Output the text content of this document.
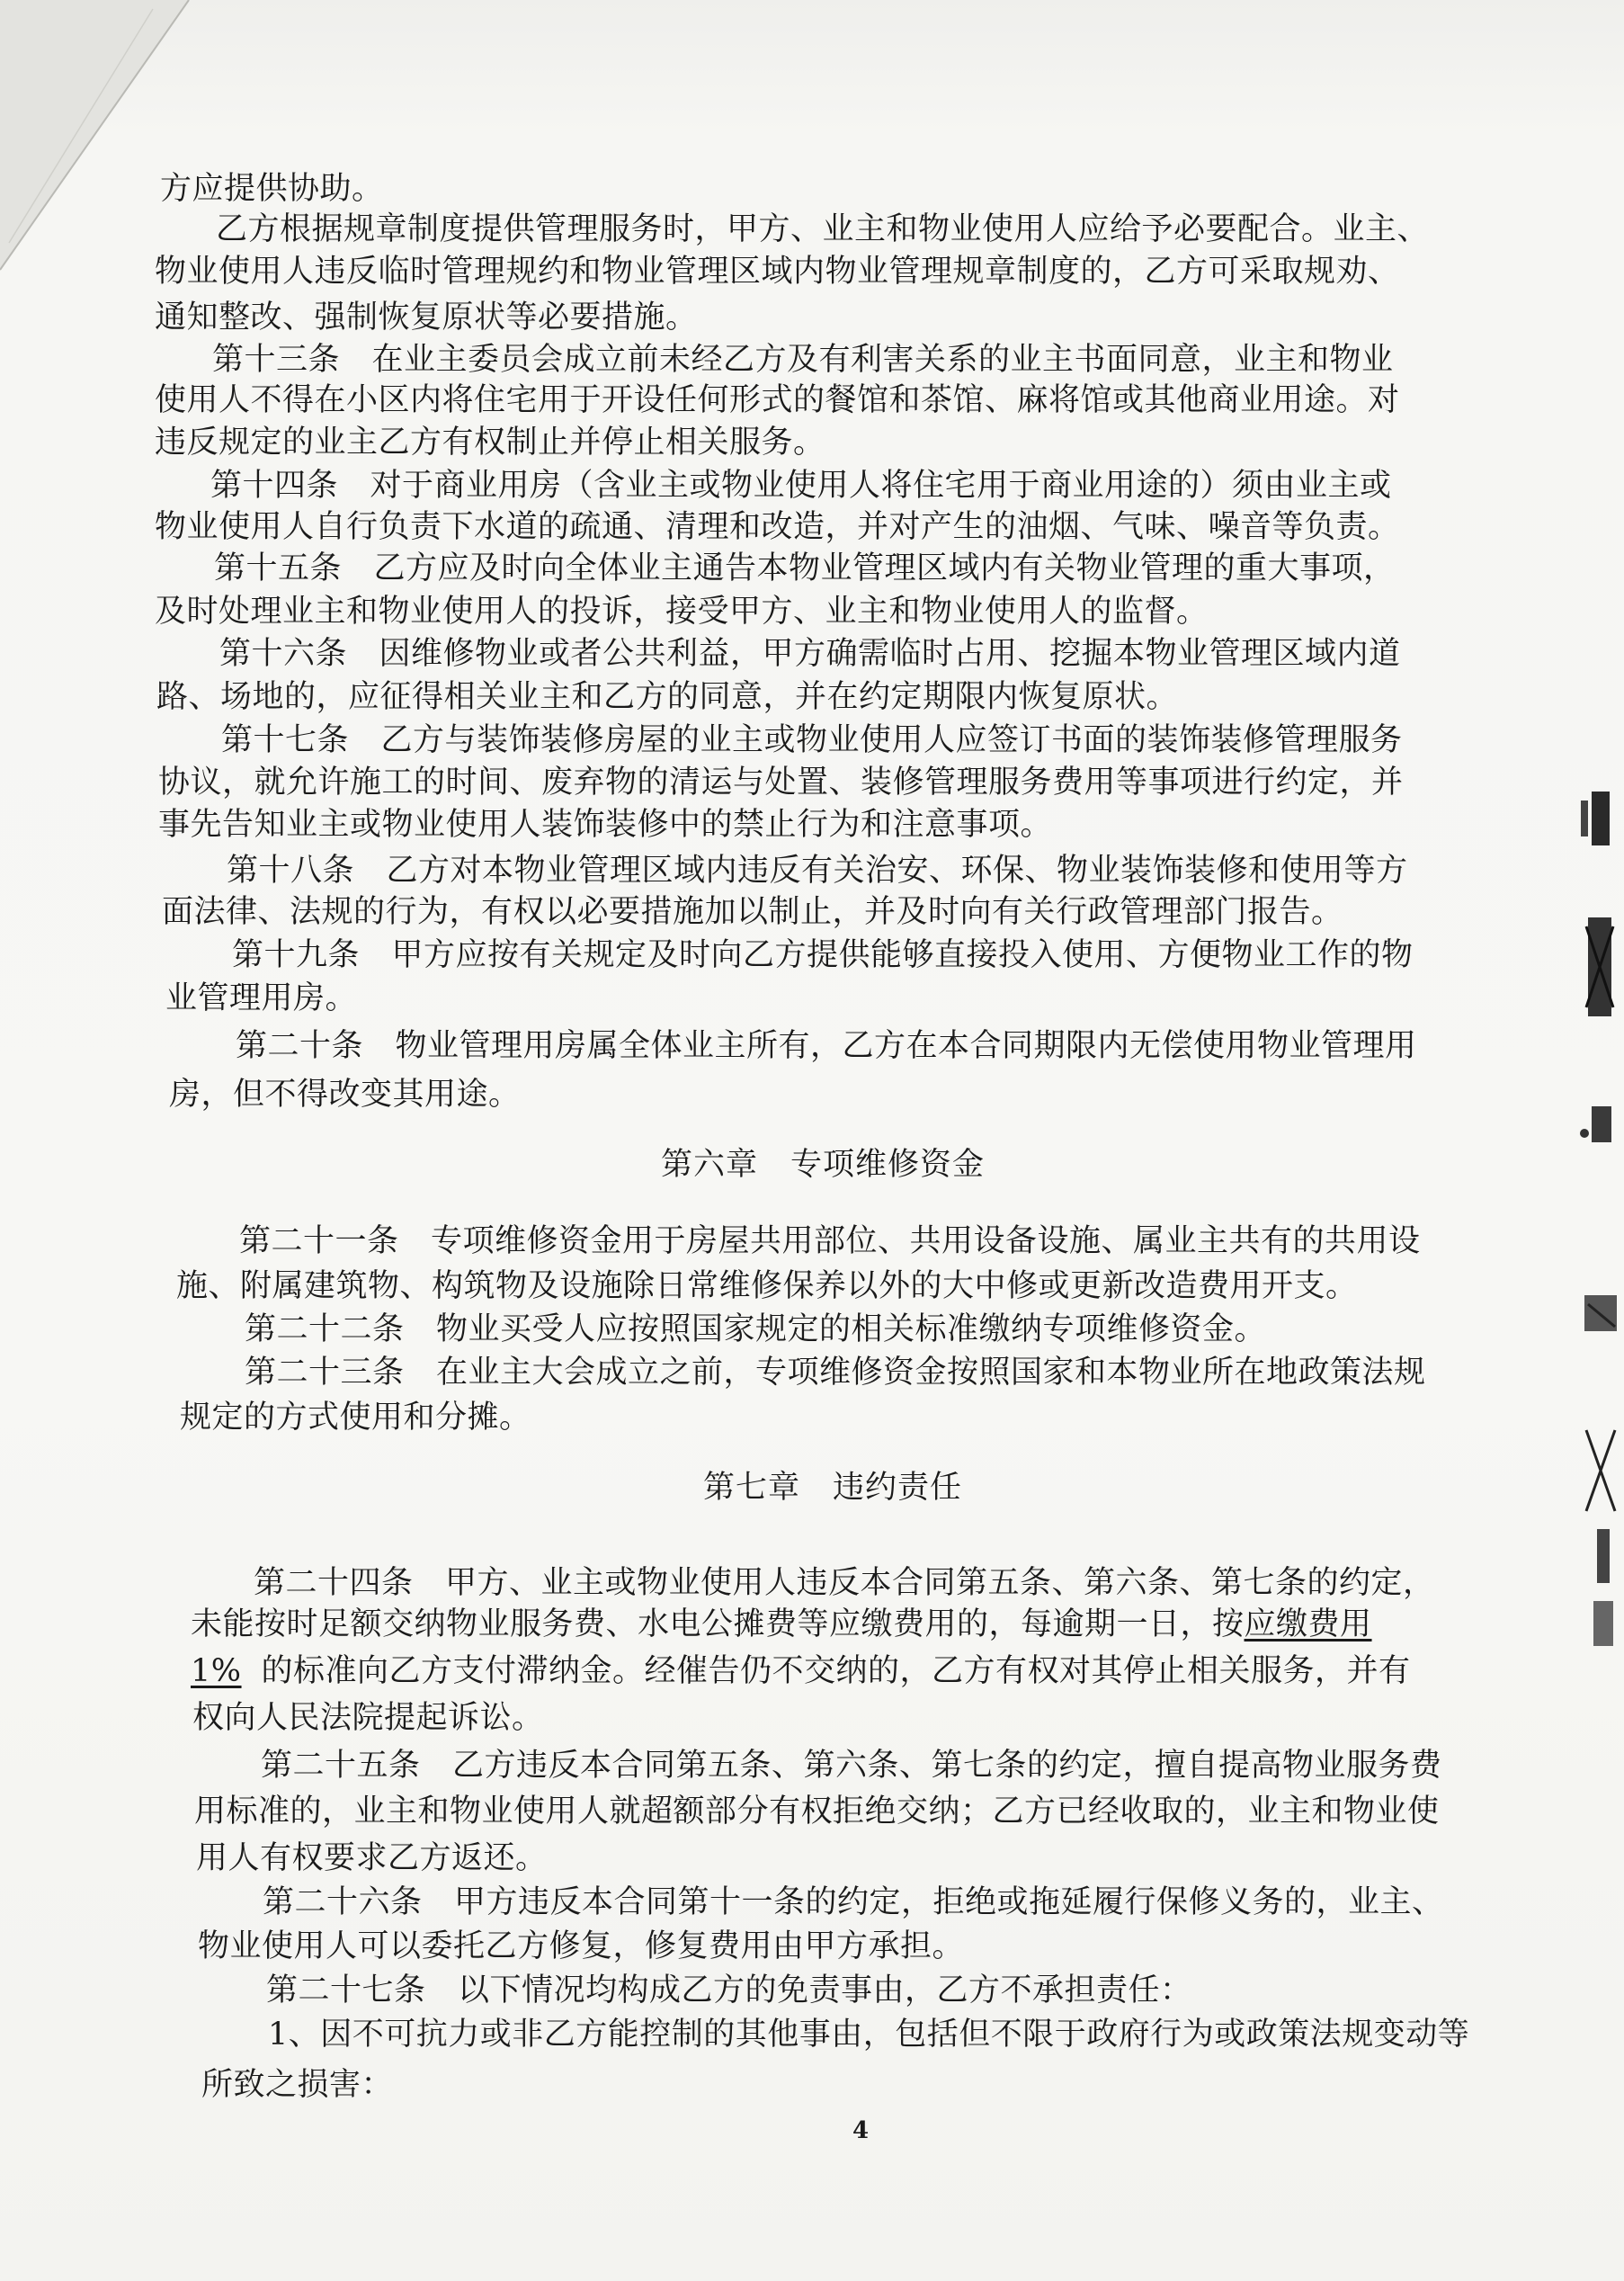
方应提供协助。
乙方根据规章制度提供管理服务时，甲方、业主和物业使用人应给予必要配合。业主、
物业使用人违反临时管理规约和物业管理区域内物业管理规章制度的，乙方可采取规劝、
通知整改、强制恢复原状等必要措施。
第十三条　在业主委员会成立前未经乙方及有利害关系的业主书面同意，业主和物业
使用人不得在小区内将住宅用于开设任何形式的餐馆和茶馆、麻将馆或其他商业用途。对
违反规定的业主乙方有权制止并停止相关服务。
第十四条　对于商业用房（含业主或物业使用人将住宅用于商业用途的）须由业主或
物业使用人自行负责下水道的疏通、清理和改造，并对产生的油烟、气味、噪音等负责。
第十五条　乙方应及时向全体业主通告本物业管理区域内有关物业管理的重大事项，
及时处理业主和物业使用人的投诉，接受甲方、业主和物业使用人的监督。
第十六条　因维修物业或者公共利益，甲方确需临时占用、挖掘本物业管理区域内道
路、场地的，应征得相关业主和乙方的同意，并在约定期限内恢复原状。
第十七条　乙方与装饰装修房屋的业主或物业使用人应签订书面的装饰装修管理服务
协议，就允许施工的时间、废弃物的清运与处置、装修管理服务费用等事项进行约定，并
事先告知业主或物业使用人装饰装修中的禁止行为和注意事项。
第十八条　乙方对本物业管理区域内违反有关治安、环保、物业装饰装修和使用等方
面法律、法规的行为，有权以必要措施加以制止，并及时向有关行政管理部门报告。
第十九条　甲方应按有关规定及时向乙方提供能够直接投入使用、方便物业工作的物
业管理用房。
第二十条　物业管理用房属全体业主所有，乙方在本合同期限内无偿使用物业管理用
房，但不得改变其用途。
第六章　专项维修资金
第二十一条　专项维修资金用于房屋共用部位、共用设备设施、属业主共有的共用设
施、附属建筑物、构筑物及设施除日常维修保养以外的大中修或更新改造费用开支。
第二十二条　物业买受人应按照国家规定的相关标准缴纳专项维修资金。
第二十三条　在业主大会成立之前，专项维修资金按照国家和本物业所在地政策法规
规定的方式使用和分摊。
第七章　违约责任
第二十四条　甲方、业主或物业使用人违反本合同第五条、第六条、第七条的约定，
未能按时足额交纳物业服务费、水电公摊费等应缴费用的，每逾期一日，按应缴费用
1% 的标准向乙方支付滞纳金。经催告仍不交纳的，乙方有权对其停止相关服务，并有
权向人民法院提起诉讼。
第二十五条　乙方违反本合同第五条、第六条、第七条的约定，擅自提高物业服务费
用标准的，业主和物业使用人就超额部分有权拒绝交纳；乙方已经收取的，业主和物业使
用人有权要求乙方返还。
第二十六条　甲方违反本合同第十一条的约定，拒绝或拖延履行保修义务的，业主、
物业使用人可以委托乙方修复，修复费用由甲方承担。
第二十七条　以下情况均构成乙方的免责事由，乙方不承担责任：
1、因不可抗力或非乙方能控制的其他事由，包括但不限于政府行为或政策法规变动等
所致之损害：
4
